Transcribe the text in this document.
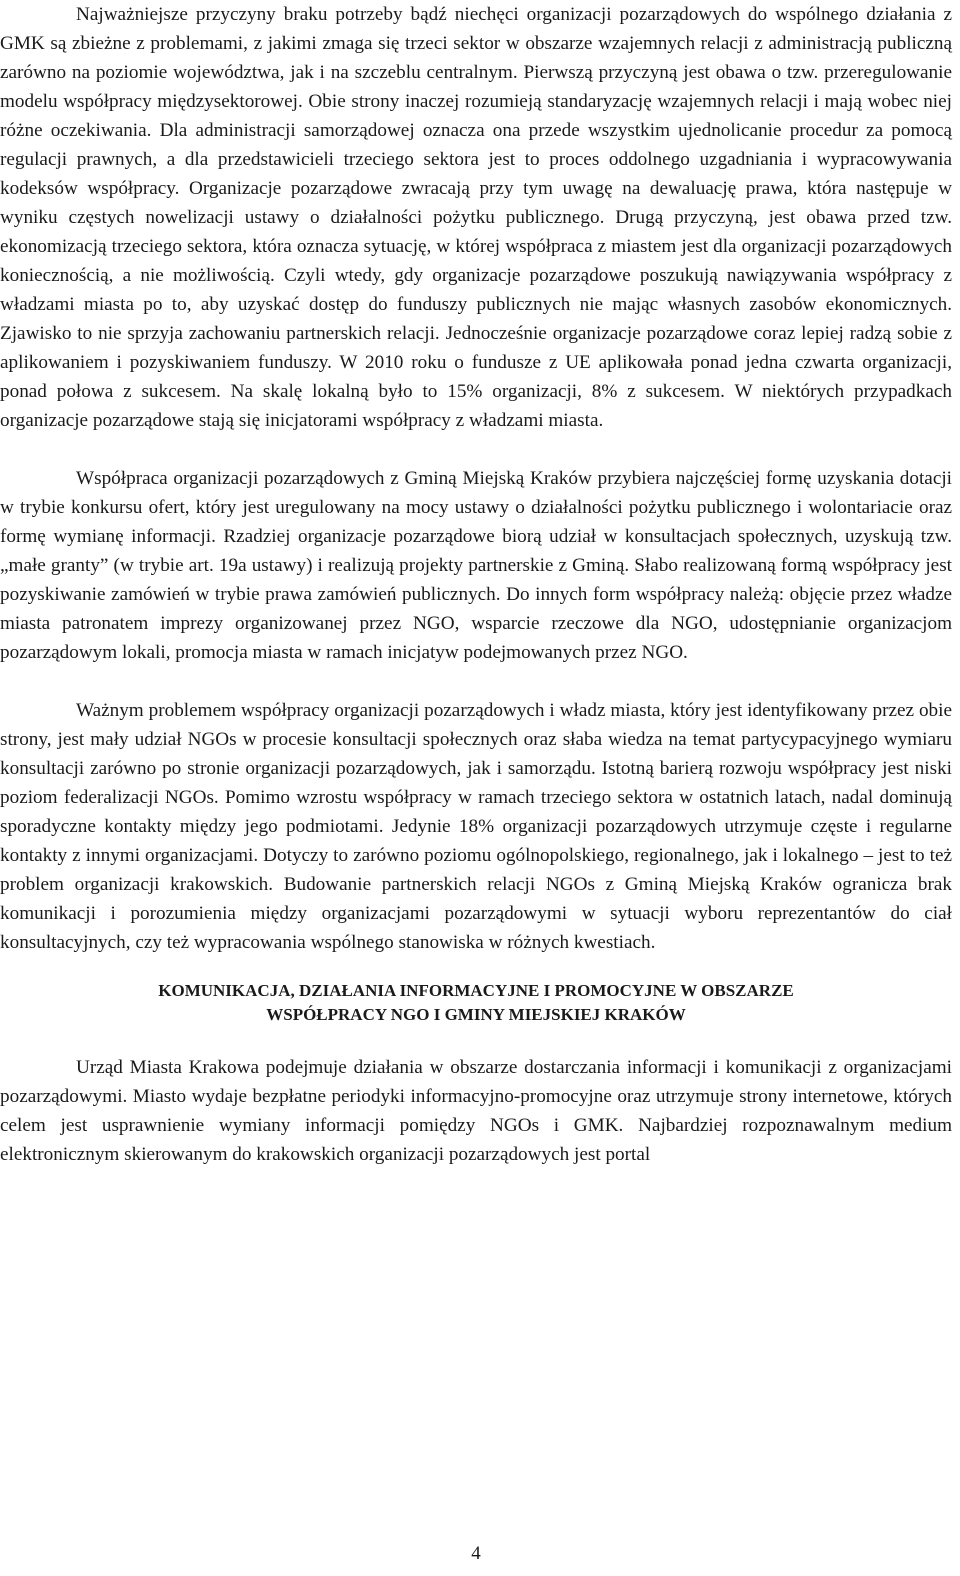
Najważniejsze przyczyny braku potrzeby bądź niechęci organizacji pozarządowych do wspólnego działania z GMK są zbieżne z problemami, z jakimi zmaga się trzeci sektor w obszarze wzajemnych relacji z administracją publiczną zarówno na poziomie województwa, jak i na szczeblu centralnym. Pierwszą przyczyną jest obawa o tzw. przeregulowanie modelu współpracy międzysektorowej. Obie strony inaczej rozumieją standaryzację wzajemnych relacji i mają wobec niej różne oczekiwania. Dla administracji samorządowej oznacza ona przede wszystkim ujednolicanie procedur za pomocą regulacji prawnych, a dla przedstawicieli trzeciego sektora jest to proces oddolnego uzgadniania i wypracowywania kodeksów współpracy. Organizacje pozarządowe zwracają przy tym uwagę na dewaluację prawa, która następuje w wyniku częstych nowelizacji ustawy o działalności pożytku publicznego. Drugą przyczyną, jest obawa przed tzw. ekonomizacją trzeciego sektora, która oznacza sytuację, w której współpraca z miastem jest dla organizacji pozarządowych koniecznością, a nie możliwością. Czyli wtedy, gdy organizacje pozarządowe poszukują nawiązywania współpracy z władzami miasta po to, aby uzyskać dostęp do funduszy publicznych nie mając własnych zasobów ekonomicznych. Zjawisko to nie sprzyja zachowaniu partnerskich relacji. Jednocześnie organizacje pozarządowe coraz lepiej radzą sobie z aplikowaniem i pozyskiwaniem funduszy. W 2010 roku o fundusze z UE aplikowała ponad jedna czwarta organizacji, ponad połowa z sukcesem. Na skalę lokalną było to 15% organizacji, 8% z sukcesem. W niektórych przypadkach organizacje pozarządowe stają się inicjatorami współpracy z władzami miasta.

Współpraca organizacji pozarządowych z Gminą Miejską Kraków przybiera najczęściej formę uzyskania dotacji w trybie konkursu ofert, który jest uregulowany na mocy ustawy o działalności pożytku publicznego i wolontariacie oraz formę wymianę informacji. Rzadziej organizacje pozarządowe biorą udział w konsultacjach społecznych, uzyskują tzw. „małe granty” (w trybie art. 19a ustawy) i realizują projekty partnerskie z Gminą. Słabo realizowaną formą współpracy jest pozyskiwanie zamówień w trybie prawa zamówień publicznych. Do innych form współpracy należą: objęcie przez władze miasta patronatem imprezy organizowanej przez NGO, wsparcie rzeczowe dla NGO, udostępnianie organizacjom pozarządowym lokali, promocja miasta w ramach inicjatyw podejmowanych przez NGO.

Ważnym problemem współpracy organizacji pozarządowych i władz miasta, który jest identyfikowany przez obie strony, jest mały udział NGOs w procesie konsultacji społecznych oraz słaba wiedza na temat partycypacyjnego wymiaru konsultacji zarówno po stronie organizacji pozarządowych, jak i samorządu. Istotną barierą rozwoju współpracy jest niski poziom federalizacji NGOs. Pomimo wzrostu współpracy w ramach trzeciego sektora w ostatnich latach, nadal dominują sporadyczne kontakty między jego podmiotami. Jedynie 18% organizacji pozarządowych utrzymuje częste i regularne kontakty z innymi organizacjami. Dotyczy to zarówno poziomu ogólnopolskiego, regionalnego, jak i lokalnego – jest to też problem organizacji krakowskich. Budowanie partnerskich relacji NGOs z Gminą Miejską Kraków ogranicza brak komunikacji i porozumienia między organizacjami pozarządowymi w sytuacji wyboru reprezentantów do ciał konsultacyjnych, czy też wypracowania wspólnego stanowiska w różnych kwestiach.

KOMUNIKACJA, DZIAŁANIA INFORMACYJNE I PROMOCYJNE W OBSZARZE
WSPÓŁPRACY NGO I GMINY MIEJSKIEJ KRAKÓW

Urząd Miasta Krakowa podejmuje działania w obszarze dostarczania informacji i komunikacji z organizacjami pozarządowymi. Miasto wydaje bezpłatne periodyki informacyjno-promocyjne oraz utrzymuje strony internetowe, których celem jest usprawnienie wymiany informacji pomiędzy NGOs i GMK. Najbardziej rozpoznawalnym medium elektronicznym skierowanym do krakowskich organizacji pozarządowych jest portal

4
